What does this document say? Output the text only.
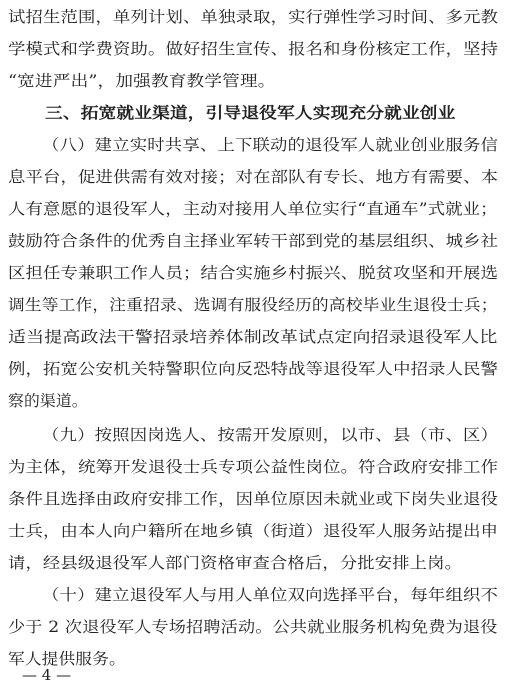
试招生范围，单列计划、单独录取，实行弹性学习时间、多元教
学模式和学费资助。做好招生宣传、报名和身份核定工作，坚持
“宽进严出”，加强教育教学管理。
三、拓宽就业渠道，引导退役军人实现充分就业创业
（八）建立实时共享、上下联动的退役军人就业创业服务信
息平台，促进供需有效对接；对在部队有专长、地方有需要、本
人有意愿的退役军人，主动对接用人单位实行“直通车”式就业；
鼓励符合条件的优秀自主择业军转干部到党的基层组织、城乡社
区担任专兼职工作人员；结合实施乡村振兴、脱贫攻坚和开展选
调生等工作，注重招录、选调有服役经历的高校毕业生退役士兵；
适当提高政法干警招录培养体制改革试点定向招录退役军人比
例，拓宽公安机关特警职位向反恐特战等退役军人中招录人民警
察的渠道。
（九）按照因岗选人、按需开发原则，以市、县（市、区）
为主体，统筹开发退役士兵专项公益性岗位。符合政府安排工作
条件且选择由政府安排工作，因单位原因未就业或下岗失业退役
士兵，由本人向户籍所在地乡镇（街道）退役军人服务站提出申
请，经县级退役军人部门资格审查合格后，分批安排上岗。
（十）建立退役军人与用人单位双向选择平台，每年组织不
少于 2 次退役军人专场招聘活动。公共就业服务机构免费为退役
军人提供服务。
— 4 —
